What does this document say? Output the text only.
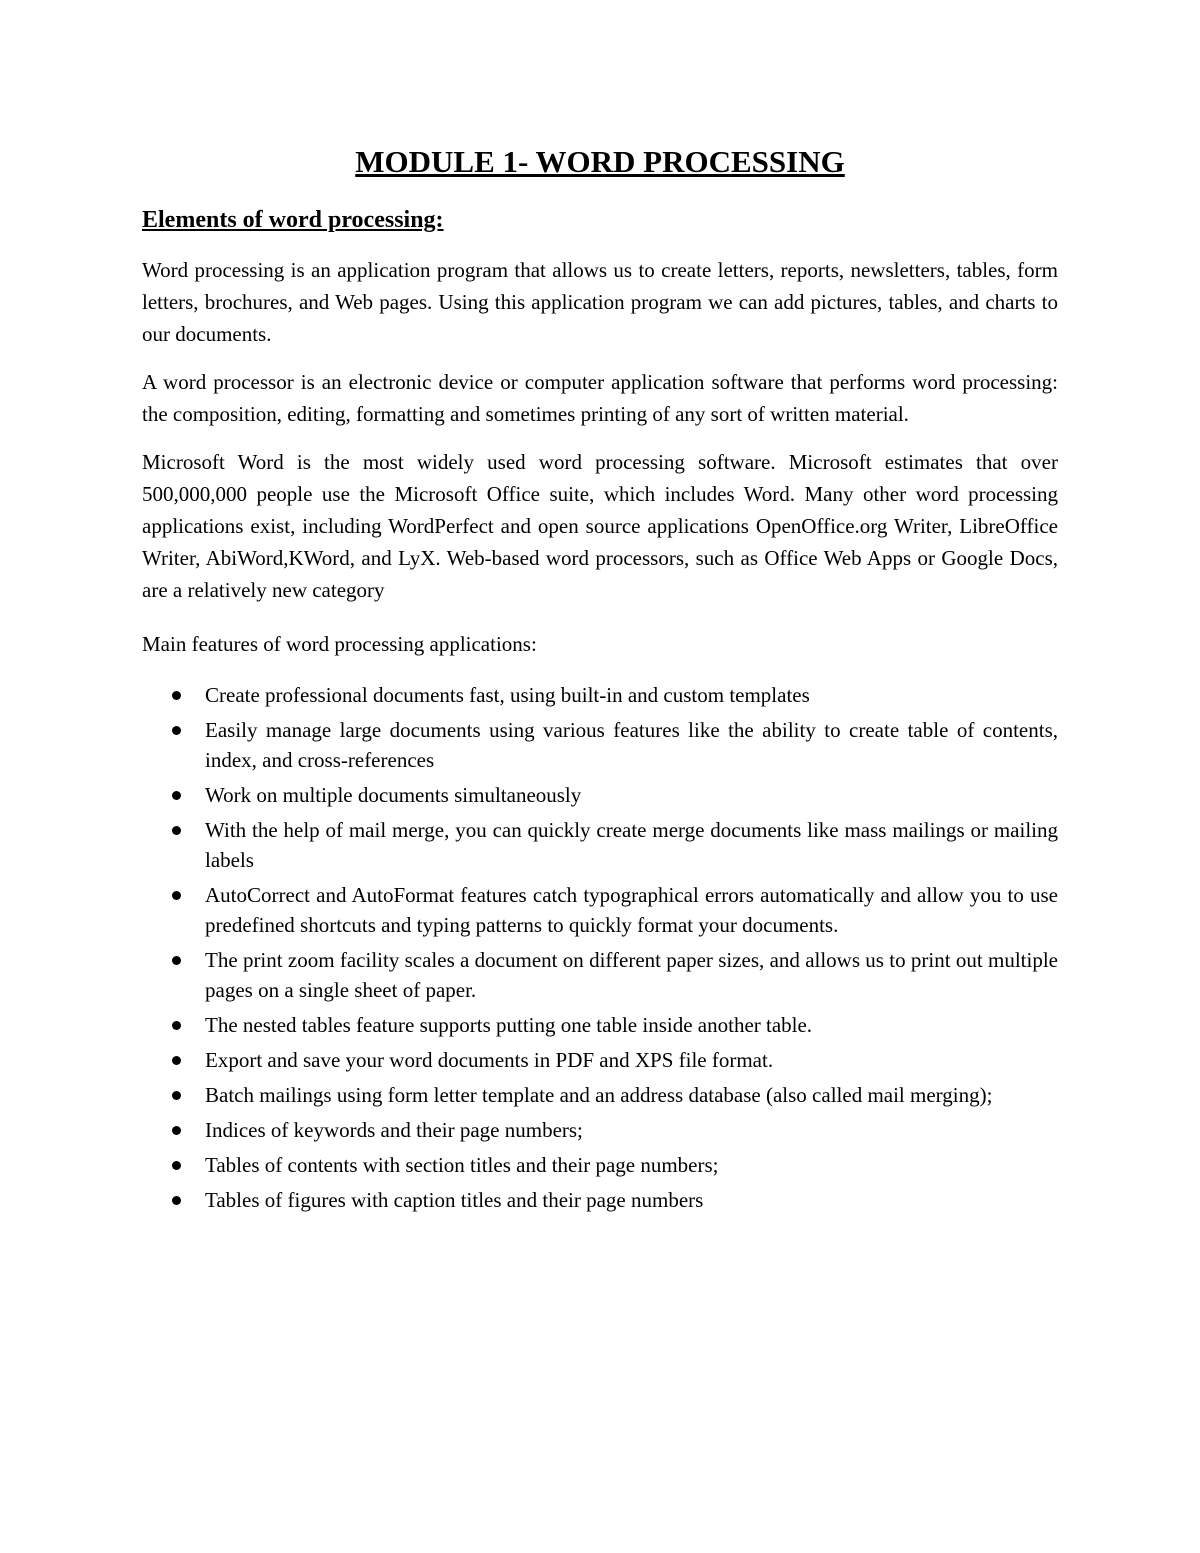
MODULE 1- WORD PROCESSING
Elements of word processing:

Word processing is an application program that allows us to create letters, reports, newsletters, tables, form letters, brochures, and Web pages. Using this application program we can add pictures, tables, and charts to our documents.

A word processor is an electronic device or computer application software that performs word processing: the composition, editing, formatting and sometimes printing of any sort of written material.

Microsoft Word is the most widely used word processing software. Microsoft estimates that over 500,000,000 people use the Microsoft Office suite, which includes Word. Many other word processing applications exist, including WordPerfect and open source applications OpenOffice.org Writer, LibreOffice Writer, AbiWord,KWord, and LyX. Web-based word processors, such as Office Web Apps or Google Docs, are a relatively new category

Main features of word processing applications:

Create professional documents fast, using built-in and custom templates
Easily manage large documents using various features like the ability to create table of contents, index, and cross-references
Work on multiple documents simultaneously
With the help of mail merge, you can quickly create merge documents like mass mailings or mailing labels
AutoCorrect and AutoFormat features catch typographical errors automatically and allow you to use predefined shortcuts and typing patterns to quickly format your documents.
The print zoom facility scales a document on different paper sizes, and allows us to print out multiple pages on a single sheet of paper.
The nested tables feature supports putting one table inside another table.
Export and save your word documents in PDF and XPS file format.
Batch mailings using form letter template and an address database (also called mail merging);
Indices of keywords and their page numbers;
Tables of contents with section titles and their page numbers;
Tables of figures with caption titles and their page numbers
